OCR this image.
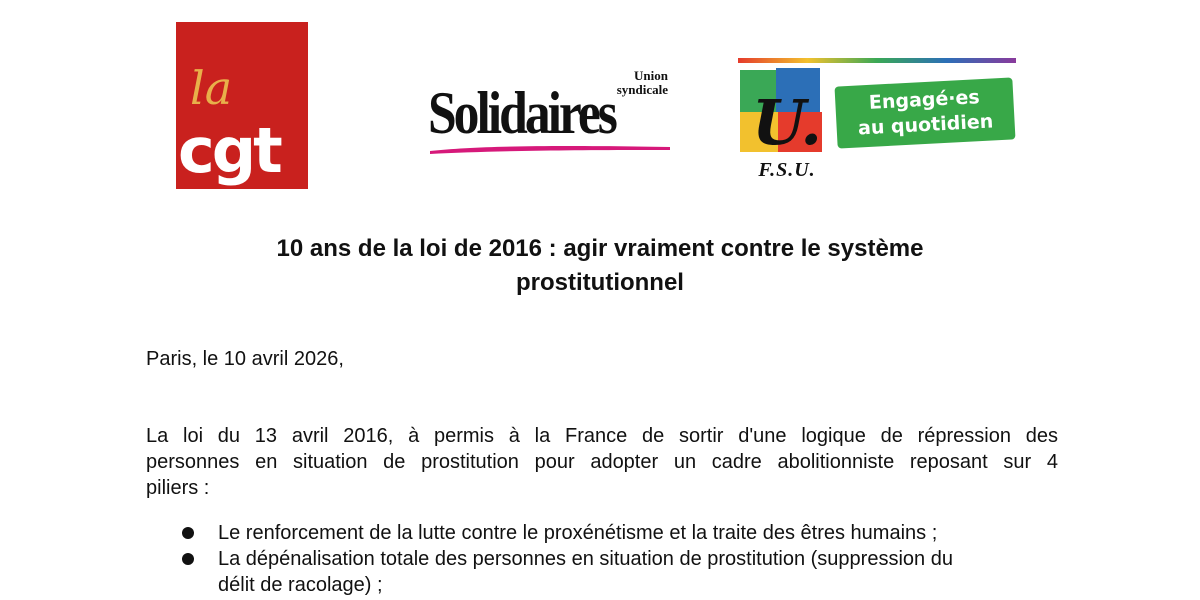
la
cgt
Union
syndicale
Solidaires U.
F.S.U.
Engagé·es
au quotidien
10 ans de la loi de 2016 : agir vraiment contre le système
prostitutionnel
Paris, le 10 avril 2026,
La loi du 13 avril 2016, à permis à la France de sortir d'une logique de répression des
personnes en situation de prostitution pour adopter un cadre abolitionniste reposant sur 4
piliers :
Le renforcement de la lutte contre le proxénétisme et la traite des êtres humains ;
La dépénalisation totale des personnes en situation de prostitution (suppression du
délit de racolage) ;
